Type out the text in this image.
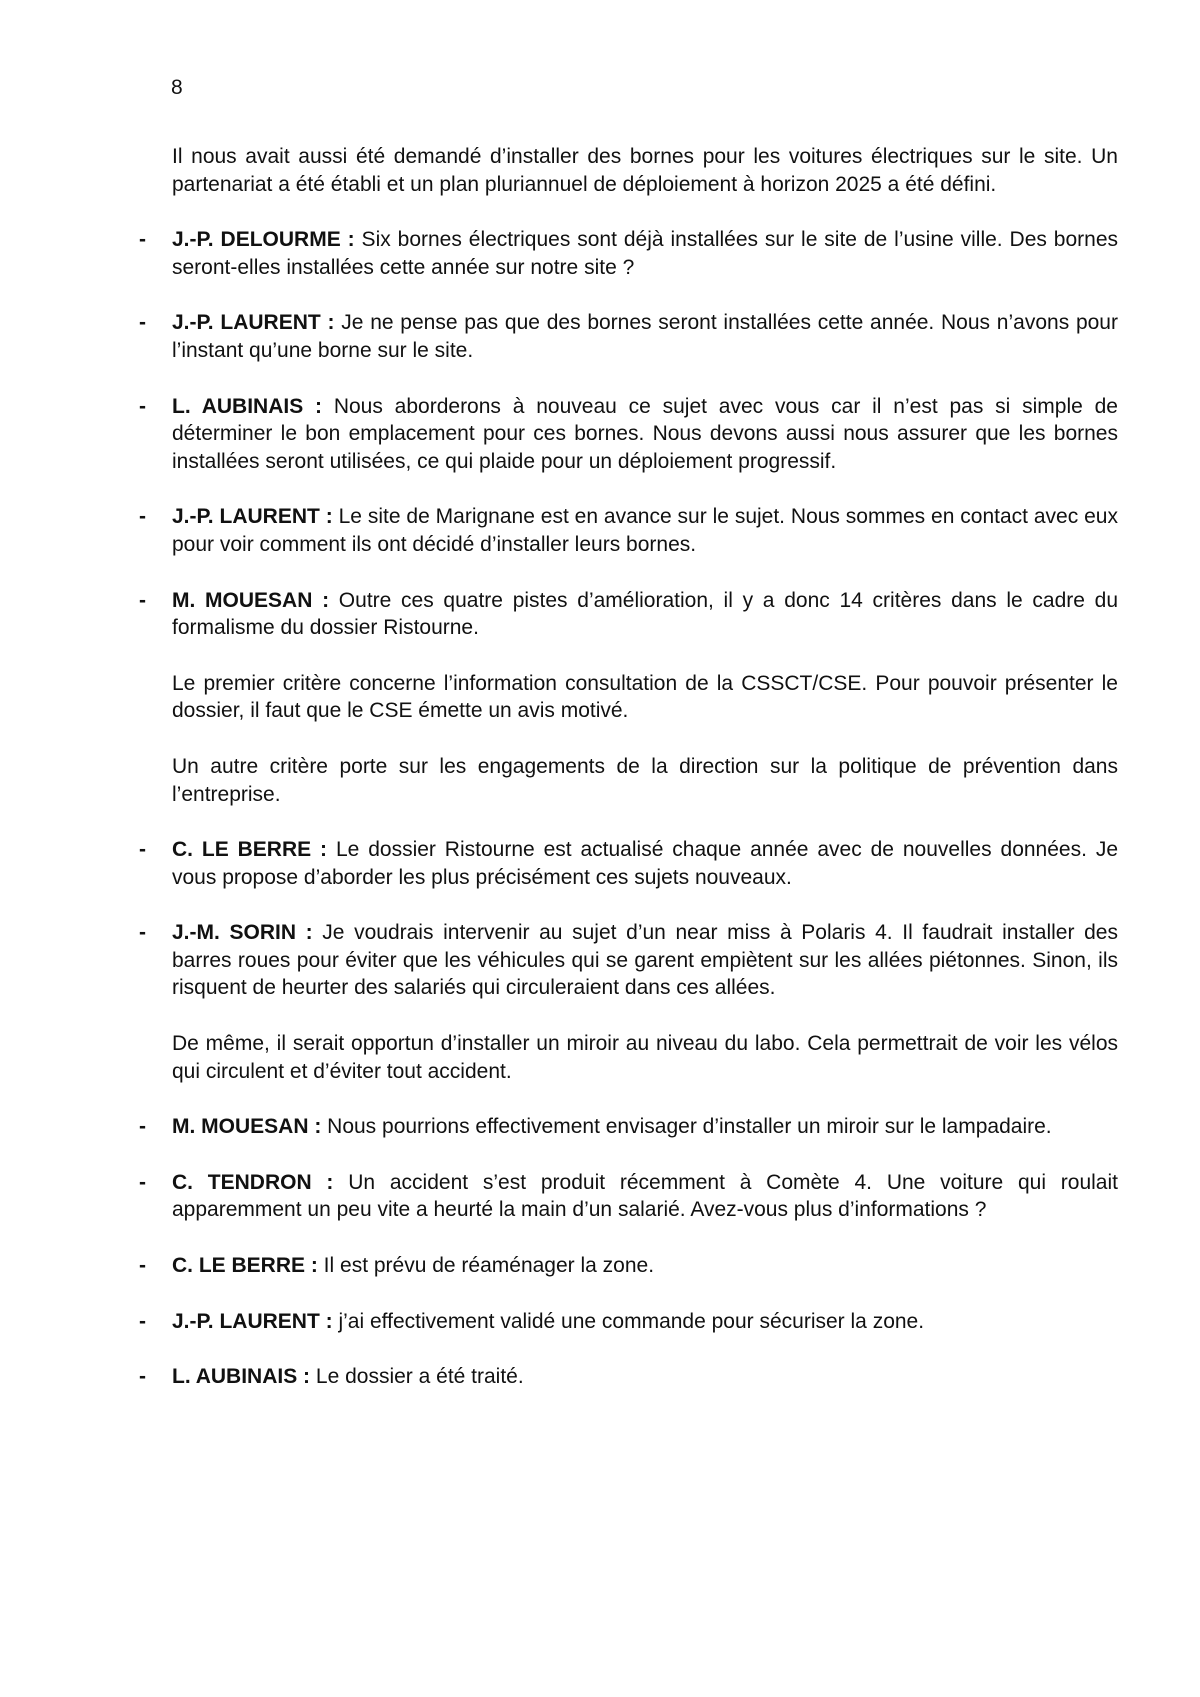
8

Il nous avait aussi été demandé d’installer des bornes pour les voitures électriques sur le site. Un partenariat a été établi et un plan pluriannuel de déploiement à horizon 2025 a été défini.

- J.-P. DELOURME : Six bornes électriques sont déjà installées sur le site de l’usine ville. Des bornes seront-elles installées cette année sur notre site ?

- J.-P. LAURENT : Je ne pense pas que des bornes seront installées cette année. Nous n’avons pour l’instant qu’une borne sur le site.

- L. AUBINAIS : Nous aborderons à nouveau ce sujet avec vous car il n’est pas si simple de déterminer le bon emplacement pour ces bornes. Nous devons aussi nous assurer que les bornes installées seront utilisées, ce qui plaide pour un déploiement progressif.

- J.-P. LAURENT : Le site de Marignane est en avance sur le sujet. Nous sommes en contact avec eux pour voir comment ils ont décidé d’installer leurs bornes.

- M. MOUESAN : Outre ces quatre pistes d’amélioration, il y a donc 14 critères dans le cadre du formalisme du dossier Ristourne.

Le premier critère concerne l’information consultation de la CSSCT/CSE. Pour pouvoir présenter le dossier, il faut que le CSE émette un avis motivé.

Un autre critère porte sur les engagements de la direction sur la politique de prévention dans l’entreprise.

- C. LE BERRE : Le dossier Ristourne est actualisé chaque année avec de nouvelles données. Je vous propose d’aborder les plus précisément ces sujets nouveaux.

- J.-M. SORIN : Je voudrais intervenir au sujet d’un near miss à Polaris 4. Il faudrait installer des barres roues pour éviter que les véhicules qui se garent empiètent sur les allées piétonnes. Sinon, ils risquent de heurter des salariés qui circuleraient dans ces allées.

De même, il serait opportun d’installer un miroir au niveau du labo. Cela permettrait de voir les vélos qui circulent et d’éviter tout accident.

- M. MOUESAN : Nous pourrions effectivement envisager d’installer un miroir sur le lampadaire.

- C. TENDRON : Un accident s’est produit récemment à Comète 4. Une voiture qui roulait apparemment un peu vite a heurté la main d’un salarié. Avez-vous plus d’informations ?

- C. LE BERRE : Il est prévu de réaménager la zone.

- J.-P. LAURENT : j’ai effectivement validé une commande pour sécuriser la zone.

- L. AUBINAIS : Le dossier a été traité.
